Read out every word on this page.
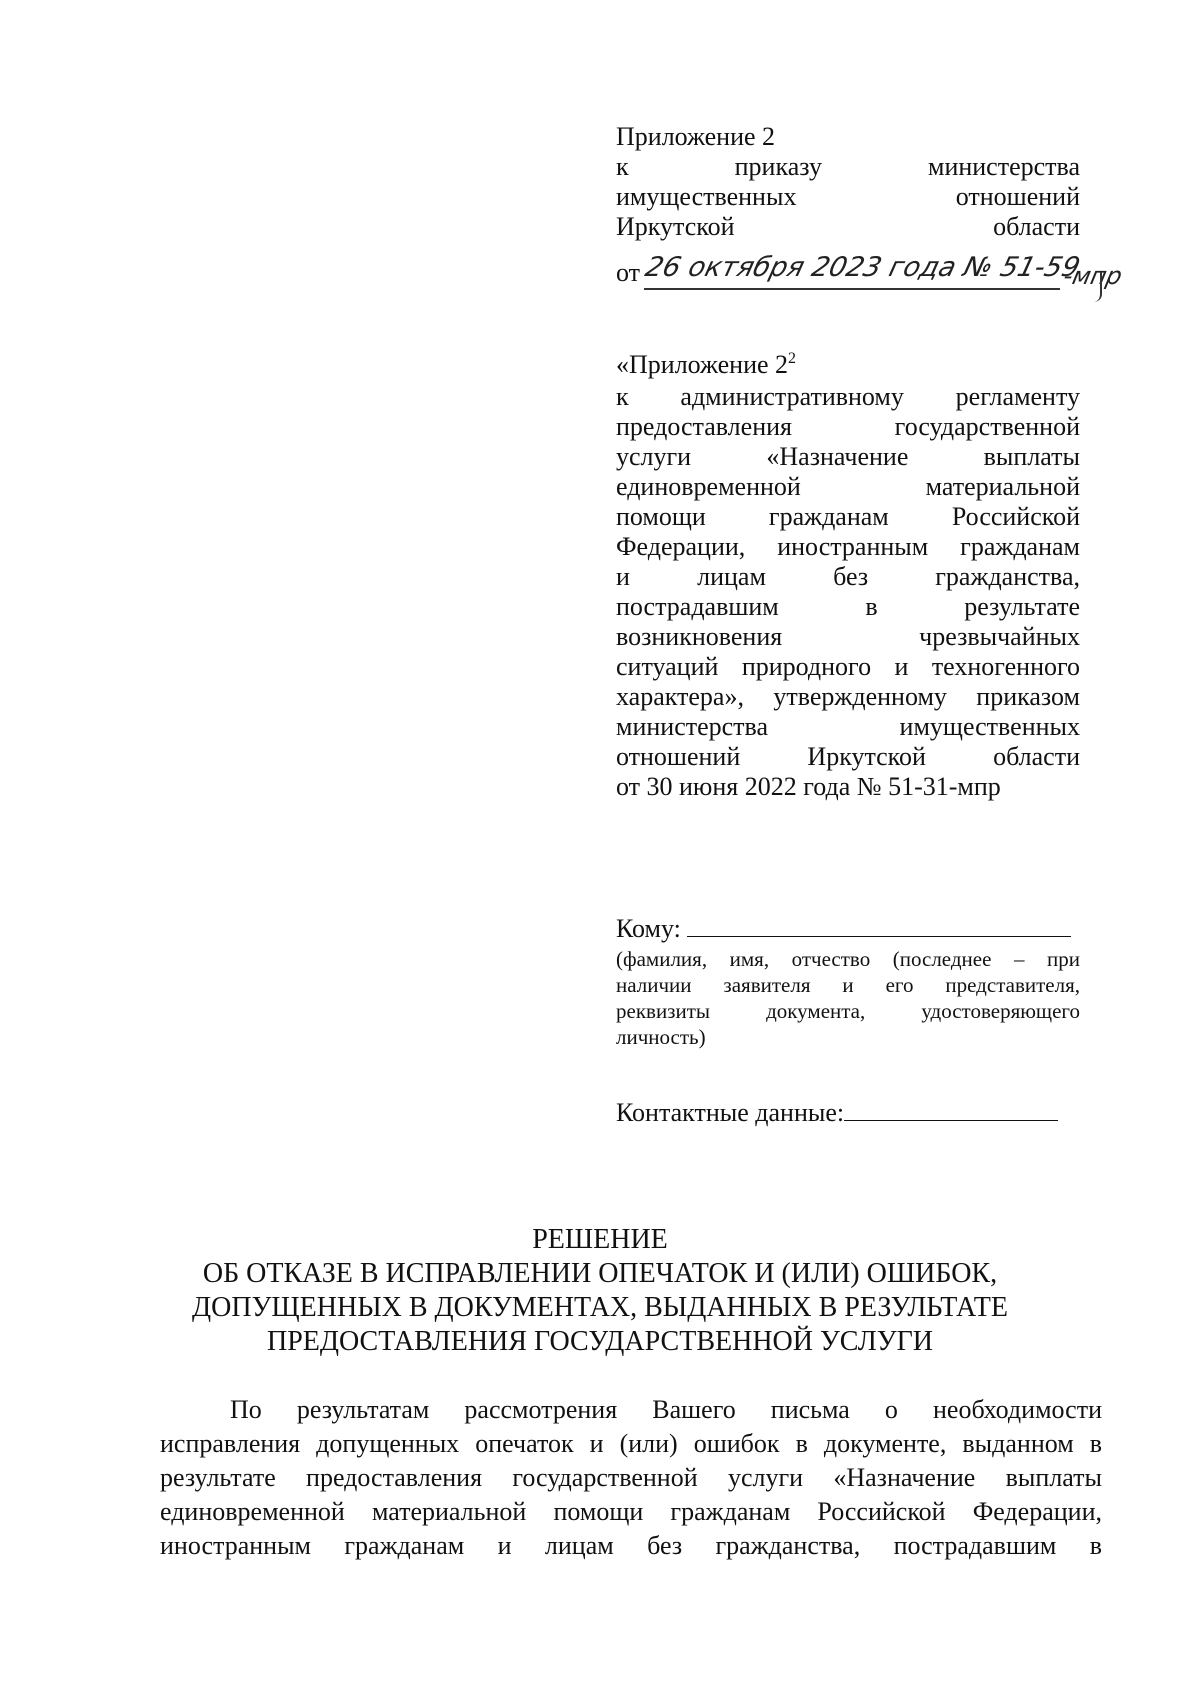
Приложение 2
к	приказу	министерства
имущественных	отношений
Иркутской	области
от 26 октября 2023 года № 51-59
-мпр
«Приложение $2^2$
к административному регламенту
предоставления государственной
услуги «Назначение выплаты
единовременной материальной
помощи гражданам Российской
Федерации, иностранным гражданам
и лицам без гражданства,
пострадавшим в результате
возникновения чрезвычайных
ситуаций природного и техногенного
характера», утвержденному приказом
министерства имущественных
отношений Иркутской области
от 30 июня 2022 года № 51-31-мпр
Кому:
(фамилия, имя, отчество (последнее – при
наличии заявителя и его представителя,
реквизиты документа, удостоверяющего
личность)
Контактные данные:
РЕШЕНИЕ
ОБ ОТКАЗЕ В ИСПРАВЛЕНИИ ОПЕЧАТОК И (ИЛИ) ОШИБОК,
ДОПУЩЕННЫХ В ДОКУМЕНТАХ, ВЫДАННЫХ В РЕЗУЛЬТАТЕ
ПРЕДОСТАВЛЕНИЯ ГОСУДАРСТВЕННОЙ УСЛУГИ
По результатам рассмотрения Вашего письма о необходимости
исправления допущенных опечаток и (или) ошибок в документе, выданном в
результате предоставления государственной услуги «Назначение выплаты
единовременной материальной помощи гражданам Российской Федерации,
иностранным гражданам и лицам без гражданства, пострадавшим в
